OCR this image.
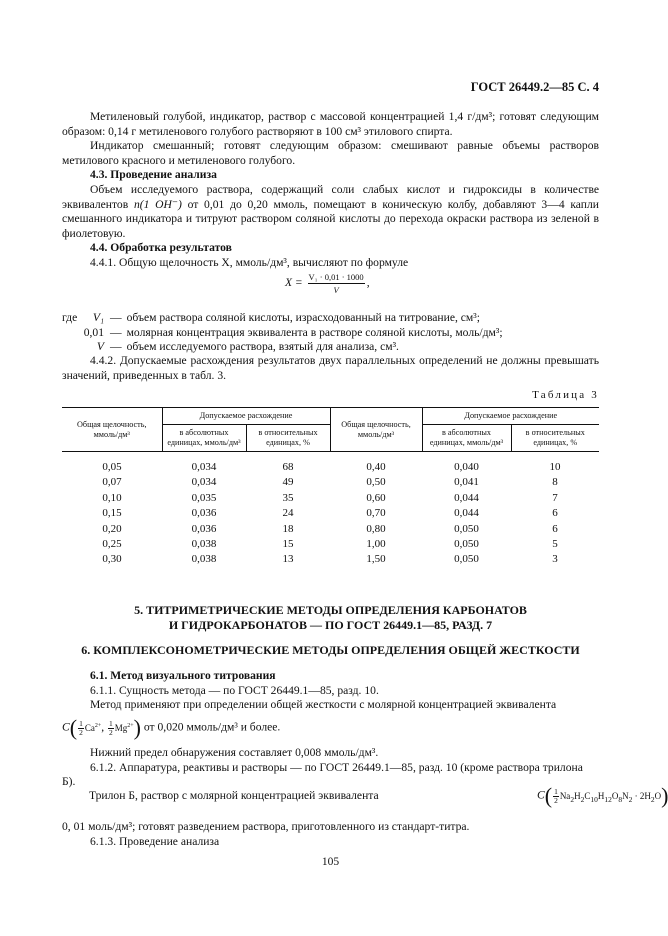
ГОСТ 26449.2—85 С. 4

Метиленовый голубой, индикатор, раствор с массовой концентрацией 1,4 г/дм³; готовят следующим образом: 0,14 г метиленового голубого растворяют в 100 см³ этилового спирта.

Индикатор смешанный; готовят следующим образом: смешивают равные объемы растворов метилового красного и метиленового голубого.

4.3. Проведение анализа

Объем исследуемого раствора, содержащий соли слабых кислот и гидроксиды в количестве эквивалентов n(1 OH⁻) от 0,01 до 0,20 ммоль, помещают в коническую колбу, добавляют 3—4 капли смешанного индикатора и титруют раствором соляной кислоты до перехода окраски раствора из зеленой в фиолетовую.

4.4. Обработка результатов

4.4.1. Общую щелочность X, ммоль/дм³, вычисляют по формуле

$X = \frac{\text{V₁ · 0,01 · 1000}}{V}$ ,
где	V₁ — объем раствора соляной кислоты, израсходованный на титрование, см³;
0,01 — молярная концентрация эквивалента в растворе соляной кислоты, моль/дм³;
V — объем исследуемого раствора, взятый для анализа, см³.

4.4.2. Допускаемые расхождения результатов двух параллельных определений не должны превышать значений, приведенных в табл. 3.

Таблица 3
Общая щелочность, ммоль/дм³	Допускаемое расхождение		Общая щелочность, ммоль/дм³	Допускаемое расхождение	
	в абсолютных единицах, ммоль/дм³	в относительных единицах, %		в абсолютных единицах, ммоль/дм³	в относительных единицах, %
0,05	0,034	68	0,40	0,040	10
0,07	0,034	49	0,50	0,041	8
0,10	0,035	35	0,60	0,044	7
0,15	0,036	24	0,70	0,044	6
0,20	0,036	18	0,80	0,050	6
0,25	0,038	15	1,00	0,050	5
0,30	0,038	13	1,50	0,050	3
5. ТИТРИМЕТРИЧЕСКИЕ МЕТОДЫ ОПРЕДЕЛЕНИЯ КАРБОНАТОВ
И ГИДРОКАРБОНАТОВ — ПО ГОСТ 26449.1—85, РАЗД. 7
6. КОМПЛЕКСОНОМЕТРИЧЕСКИЕ МЕТОДЫ ОПРЕДЕЛЕНИЯ ОБЩЕЙ ЖЕСТКОСТИ

6.1. Метод визуального титрования

6.1.1. Сущность метода — по ГОСТ 26449.1—85, разд. 10.

Метод применяют при определении общей жесткости с молярной концентрацией эквивалента

$C( \frac{1}{2} Ca^{2+}$, $\frac{1}{2} Mg^{2+}$) от 0,020 ммоль/дм³ и более.

Нижний предел обнаружения составляет 0,008 ммоль/дм³.

6.1.2. Аппаратура, реактивы и растворы — по ГОСТ 26449.1—85, разд. 10 (кроме раствора трилона Б).

Трилон Б, раствор с молярной концентрацией эквивалента	$C( \frac{1}{2} Na_2H_2C_{10}H_{12}O_8N_2 \cdot 2H_2O)$

0, 01 моль/дм³; готовят разведением раствора, приготовленного из стандарт-титра.

6.1.3. Проведение анализа

105
